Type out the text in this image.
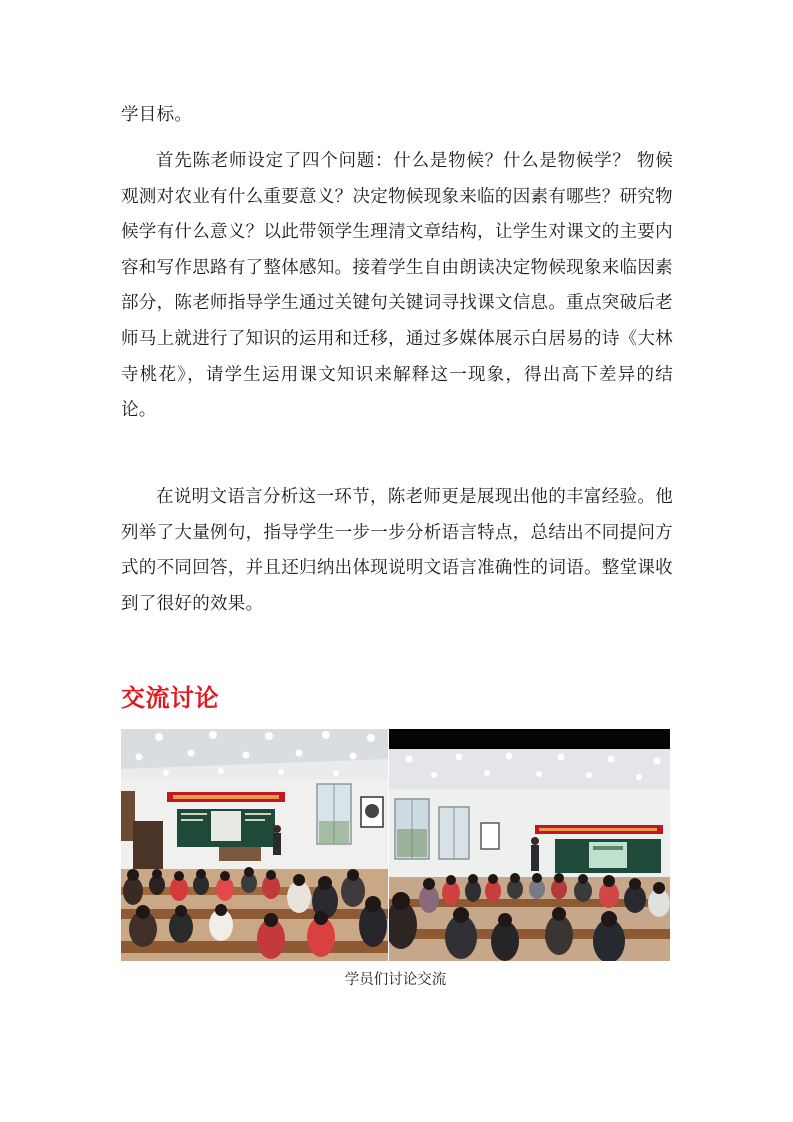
学目标。

首先陈老师设定了四个问题：什么是物候？什么是物候学？ 物候观测对农业有什么重要意义？决定物候现象来临的因素有哪些？研究物候学有什么意义？以此带领学生理清文章结构，让学生对课文的主要内容和写作思路有了整体感知。接着学生自由朗读决定物候现象来临因素部分，陈老师指导学生通过关键句关键词寻找课文信息。重点突破后老师马上就进行了知识的运用和迁移，通过多媒体展示白居易的诗《大林寺桃花》，请学生运用课文知识来解释这一现象，得出高下差异的结论。

在说明文语言分析这一环节，陈老师更是展现出他的丰富经验。他列举了大量例句，指导学生一步一步分析语言特点，总结出不同提问方式的不同回答，并且还归纳出体现说明文语言准确性的词语。整堂课收到了很好的效果。

交流讨论

学员们讨论交流
